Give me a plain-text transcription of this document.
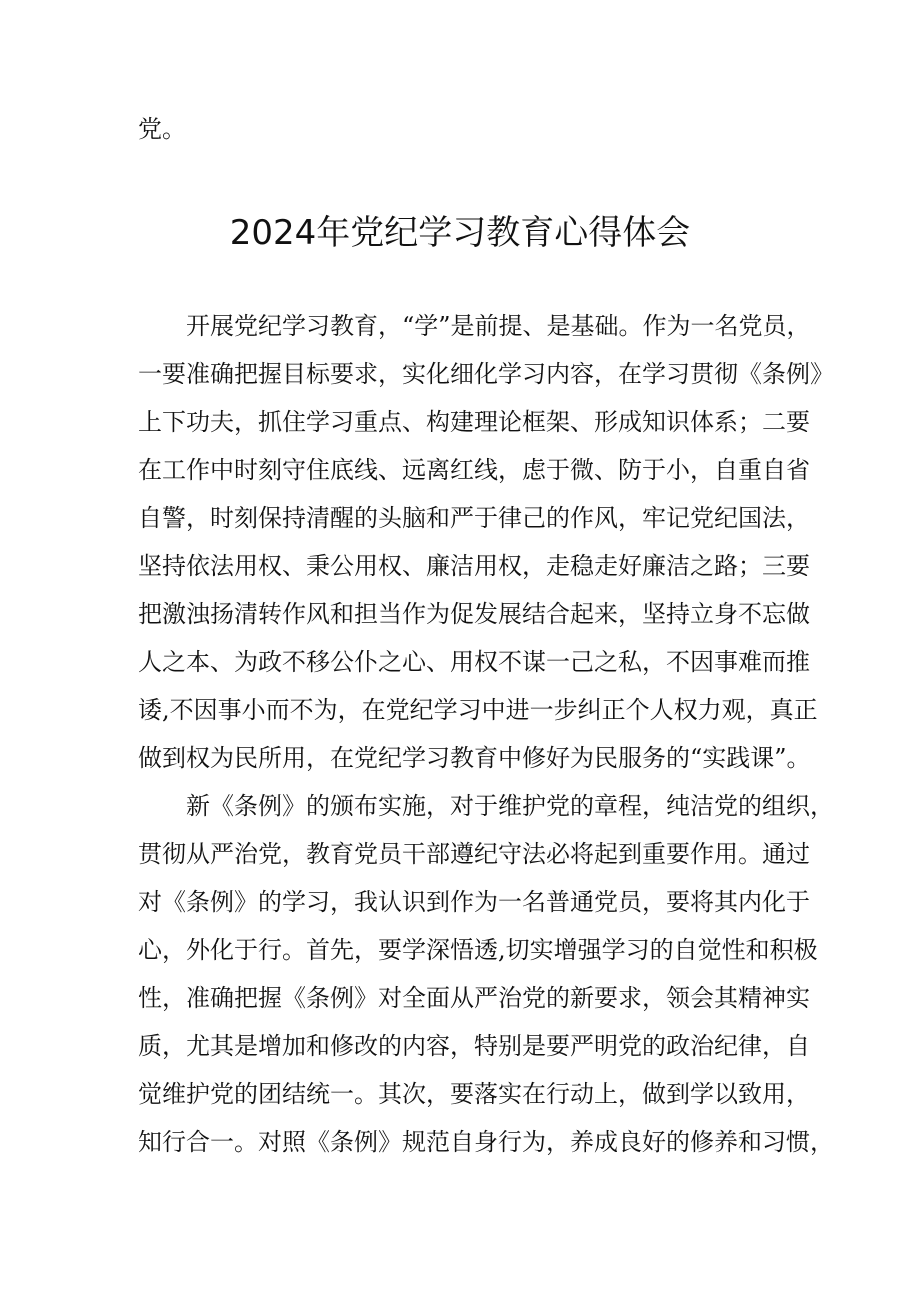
党。

2024年党纪学习教育心得体会

开展党纪学习教育，“学”是前提、是基础。作为一名党员，

一要准确把握目标要求，实化细化学习内容，在学习贯彻《条例》

上下功夫，抓住学习重点、构建理论框架、形成知识体系；二要

在工作中时刻守住底线、远离红线，虑于微、防于小，自重自省

自警，时刻保持清醒的头脑和严于律己的作风，牢记党纪国法，

坚持依法用权、秉公用权、廉洁用权，走稳走好廉洁之路；三要

把激浊扬清转作风和担当作为促发展结合起来，坚持立身不忘做

人之本、为政不移公仆之心、用权不谋一己之私，不因事难而推

诿,不因事小而不为，在党纪学习中进一步纠正个人权力观，真正

做到权为民所用，在党纪学习教育中修好为民服务的“实践课”。

新《条例》的颁布实施，对于维护党的章程，纯洁党的组织，

贯彻从严治党，教育党员干部遵纪守法必将起到重要作用。通过

对《条例》的学习，我认识到作为一名普通党员，要将其内化于

心，外化于行。首先，要学深悟透,切实增强学习的自觉性和积极

性，准确把握《条例》对全面从严治党的新要求，领会其精神实

质，尤其是增加和修改的内容，特别是要严明党的政治纪律，自

觉维护党的团结统一。其次，要落实在行动上，做到学以致用，

知行合一。对照《条例》规范自身行为，养成良好的修养和习惯，
